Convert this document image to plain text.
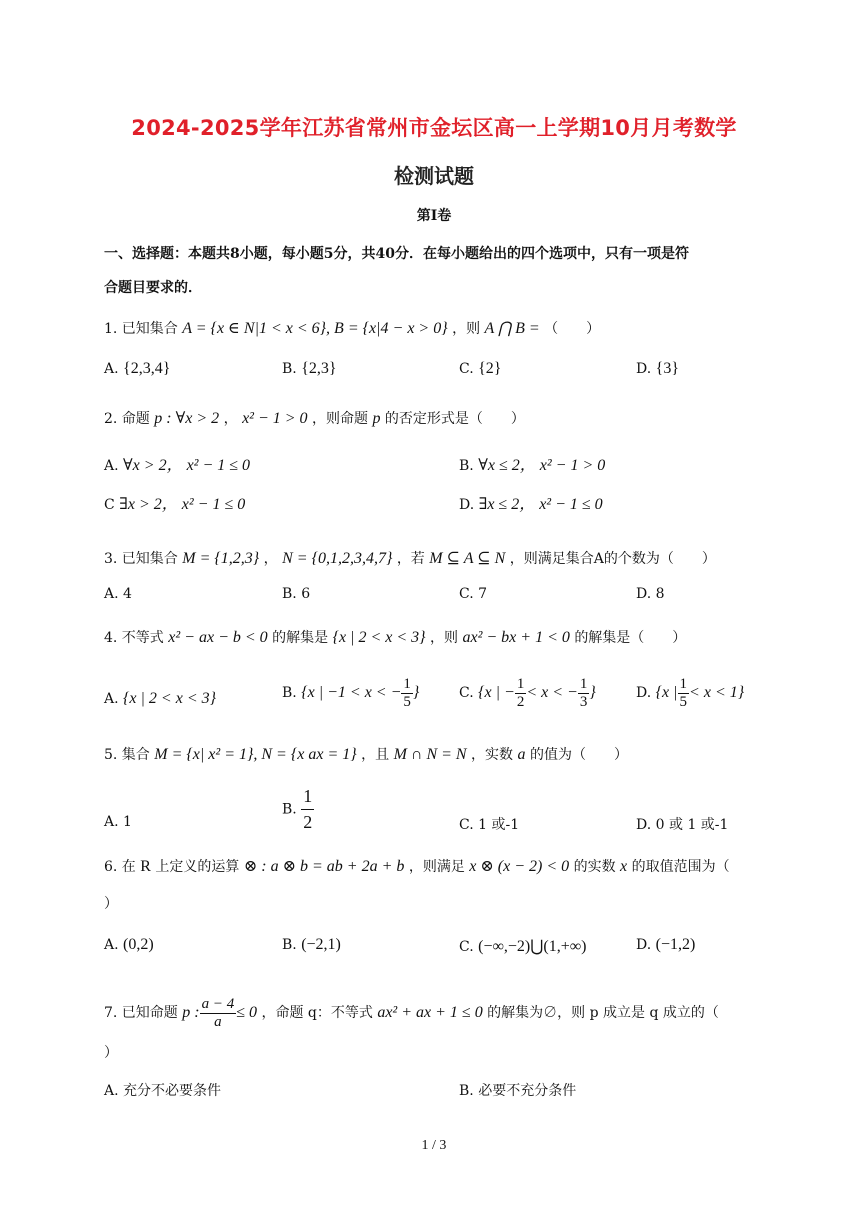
2024-2025学年江苏省常州市金坛区高一上学期10月月考数学
检测试题
第I卷
一、选择题：本题共8小题，每小题5分，共40分．在每小题给出的四个选项中，只有一项是符
合题目要求的．
1. 已知集合 A = {x ∈ N|1 < x < 6}, B = {x|4 − x > 0} ，则 A ⋂ B = （　　）
A. {2,3,4}	B. {2,3}	C. {2}	D. {3}
2. 命题 p : ∀x > 2 ， x² − 1 > 0 ，则命题 p 的否定形式是（　　）
A. ∀x > 2， x² − 1 ≤ 0	B. ∀x ≤ 2， x² − 1 > 0
C ∃x > 2， x² − 1 ≤ 0	D. ∃x ≤ 2， x² − 1 ≤ 0
3. 已知集合 M = {1,2,3} ， N = {0,1,2,3,4,7} ，若 M ⊆ A ⊆ N ，则满足集合A的个数为（　　）
A. 4	B. 6	C. 7	D. 8
4. 不等式 x² − ax − b < 0 的解集是 {x | 2 < x < 3} ，则 ax² − bx + 1 < 0 的解集是（　　）
A. {x | 2 < x < 3}	B. {x | −1 < x < − $\frac{1}{5}$ }	C. {x | − $\frac{1}{2} < x$ < − $\frac{1}{3}$ }	D. {x | $\frac{1}{5} < x < 1$}
5. 集合 M = {x| x² = 1}, N = {x ax = 1} ，且 M ∩ N = N ，实数 a 的值为（　　）
A. 1
B. $\frac{1}{2}$	C. 1 或-1	D. 0 或 1 或-1
6. 在 R 上定义的运算 ⊗ : a ⊗ b = ab + 2a + b ，则满足 x ⊗ (x − 2) < 0 的实数 x 的取值范围为（
）
A. (0,2)	B. (−2,1)	C. (−∞,−2)⋃(1,+∞)	D. (−1,2)
7. 已知命题 p : $\frac{a - 4}{a} \le 0$ ，命题 q：不等式 ax² + ax + 1 ≤ 0 的解集为∅，则 p 成立是 q 成立的（
）
A. 充分不必要条件	B. 必要不充分条件
1 / 3
